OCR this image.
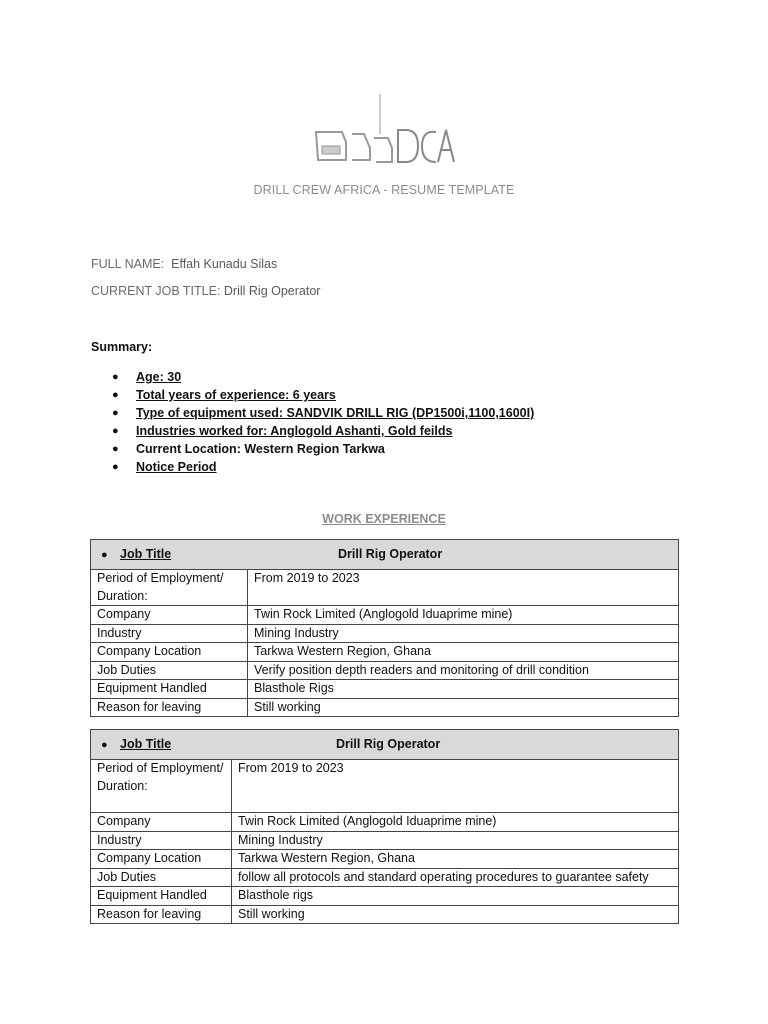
DRILL CREW AFRICA - RESUME TEMPLATE
FULL NAME: Effah Kunadu Silas
CURRENT JOB TITLE: Drill Rig Operator
Summary:
● Age: 30
● Total years of experience: 6 years
● Type of equipment used: SANDVIK DRILL RIG (DP1500i,1100,1600I)
● Industries worked for: Anglogold Ashanti, Gold feilds
● Current Location: Western Region Tarkwa
● Notice Period
WORK EXPERIENCE
● Job Title Drill Rig Operator	

Period of Employment/ Duration:	From 2019 to 2023
Company	Twin Rock Limited (Anglogold Iduaprime mine)
Industry	Mining Industry
Company Location	Tarkwa Western Region, Ghana
Job Duties	Verify position depth readers and monitoring of drill condition
Equipment Handled	Blasthole Rigs
Reason for leaving	Still working
● Job Title Drill Rig Operator	

Period of Employment/ Duration:	From 2019 to 2023
Company	Twin Rock Limited (Anglogold Iduaprime mine)
Industry	Mining Industry
Company Location	Tarkwa Western Region, Ghana
Job Duties	follow all protocols and standard operating procedures to guarantee safety
Equipment Handled	Blasthole rigs
Reason for leaving	Still working
